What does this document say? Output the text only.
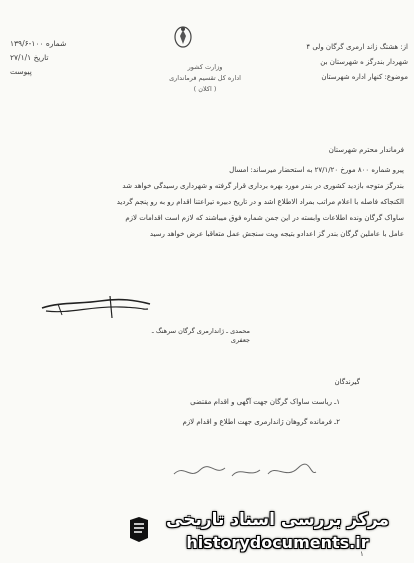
شماره ۱۰۰-۱۳۹/۶
تاریخ ۲۷/۱/۱
پیوست	وزارت کشور
اداره کل تقسیم فرمانداری
( اکلان )
از: هشتگ زاند ارمری گرگان ولی ۴
شهردار بندرگز ه شهرستان بن
موضوع: کنهار اداره شهرستان
فرماندار محترم شهرستان
پیرو شماره ۸۰۰ مورخ ۲۷/۱/۲۰ به استحضار میرساند: امسال
بندرگز متوجه بازدید کشوری در بندر مورد بهره برداری قرار گرفته و شهرداری رسیدگی خواهد شد
الکنجاکه فاصله با اعلام مراتب بمراد الاطلاع اشد و در تاریخ دبیره تیراعتنا اقدام رو به رو پنجم گردید
ساواک گرگان ونده اطلاعات وابسته در این جمن شماره فوق میباشند که لازم است اقدامات لازم
عامل با عاملین گرگان بندر گز اعدادو بتیجه ویت سنجش عمل متعاقبا عرض خواهد رسید
محمدی ـ ژاندارمری گرگان سرهنگ ـ جعفری
گیرندگان
۱ـ ریاست ساواک گرگان جهت آگهی و اقدام مقتضی
۲ـ فرمانده گروهان ژاندارمری جهت اطلاع و اقدام لازم
۱
مرکز بررسی اسناد تاریخی
historydocuments.ir
